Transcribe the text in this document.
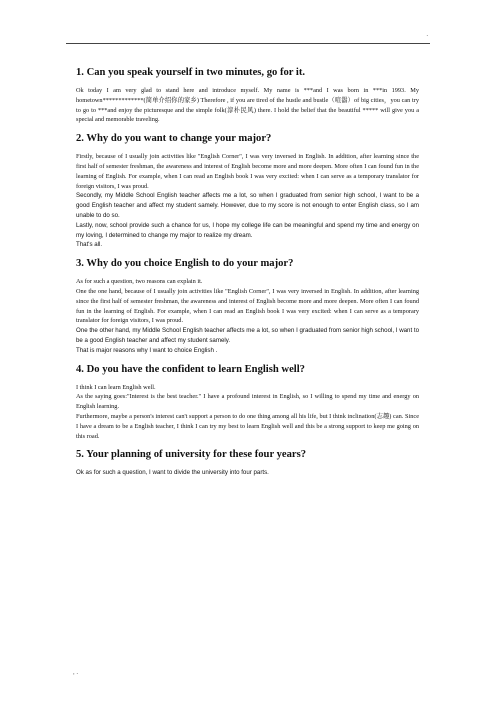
.
1. Can you speak yourself in two minutes, go for it.

Ok today I am very glad to stand here and introduce myself. My name is ***and I was born in ***in 1993. My hometown*************(简单介绍你的家乡) Therefore , if you are tired of the hustle and bustle（喧嚣）of big cities，you can try to go to ***and enjoy the picturesque and the simple folk(淳朴民风) there. I hold the belief that the beautiful ***** will give you a special and memorable traveling.

2. Why do you want to change your major?

Firstly, because of I usually join activities like "English Corner", I was very inversed in English. In addition, after learning since the first half of semester freshman, the awareness and interest of English become more and more deepen. More often I can found fun in the learning of English. For example, when I can read an English book I was very excited: when I can serve as a temporary translator for foreign visitors, I was proud.

Secondly, my Middle School English teacher affects me a lot, so when I graduated from senior high school, I want to be a good English teacher and affect my student samely. However, due to my score is not enough to enter English class, so I am unable to do so.

Lastly, now, school provide such a chance for us, I hope my college life can be meaningful and spend my time and energy on my loving, I determined to change my major to realize my dream.

That's all.

3. Why do you choice English to do your major?

As for such a question, two reasons can explain it.

One the one hand, because of I usually join activities like "English Corner", I was very inversed in English. In addition, after learning since the first half of semester freshman, the awareness and interest of English become more and more deepen. More often I can found fun in the learning of English. For example, when I can read an English book I was very excited: when I can serve as a temporary translator for foreign visitors, I was proud.

One the other hand, my Middle School English teacher affects me a lot, so when I graduated from senior high school, I want to be a good English teacher and affect my student samely.

That is major reasons why I want to choice English .

4. Do you have the confident to learn English well?

I think I can learn English well.

As the saying goes:"Interest is the best teacher." I have a profound interest in English, so I willing to spend my time and energy on English learning.

Furthermore, maybe a person's interest can't support a person to do one thing among all his life, but I think inclination(志趣) can. Since I have a dream to be a English teacher, I think I can try my best to learn English well and this be a strong support to keep me going on this road.

5. Your planning of university for these four years?

Ok as for such a question, I want to divide the university into four parts.

, .
